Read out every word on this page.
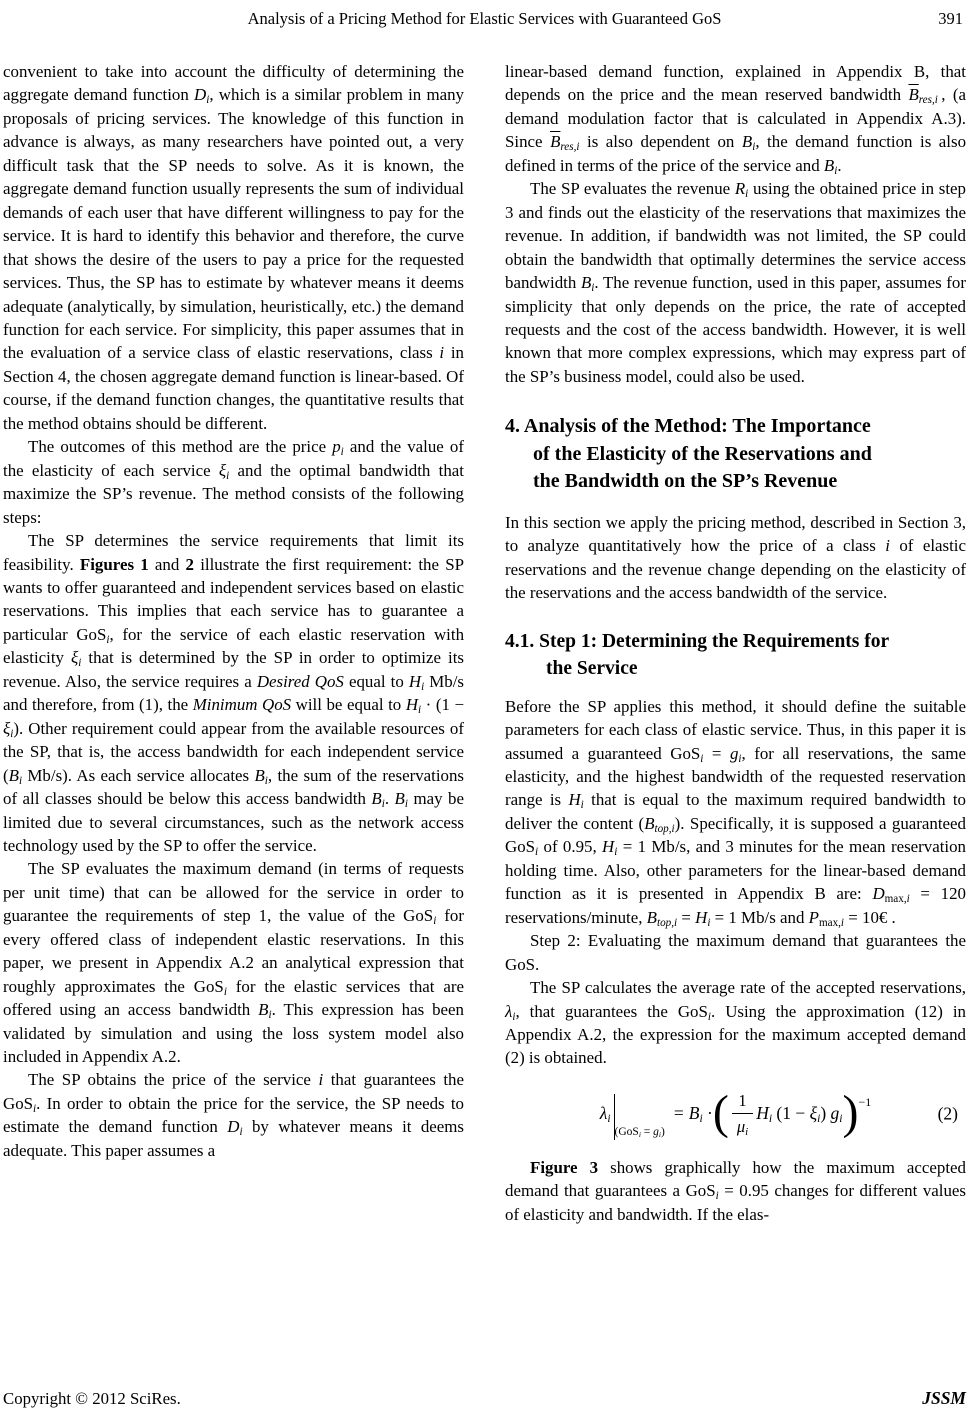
Analysis of a Pricing Method for Elastic Services with Guaranteed GoS	391

convenient to take into account the difficulty of determining the aggregate demand function $D_i$, which is a similar problem in many proposals of pricing services. The knowledge of this function in advance is always, as many researchers have pointed out, a very difficult task that the SP needs to solve. As it is known, the aggregate demand function usually represents the sum of individual demands of each user that have different willingness to pay for the service. It is hard to identify this behavior and therefore, the curve that shows the desire of the users to pay a price for the requested services. Thus, the SP has to estimate by whatever means it deems adequate (analytically, by simulation, heuristically, etc.) the demand function for each service. For simplicity, this paper assumes that in the evaluation of a service class of elastic reservations, class i in Section 4, the chosen aggregate demand function is linear-based. Of course, if the demand function changes, the quantitative results that the method obtains should be different.

The outcomes of this method are the price $p_i$ and the value of the elasticity of each service $\xi_i$ and the optimal bandwidth that maximize the SP’s revenue. The method consists of the following steps:

The SP determines the service requirements that limit its feasibility. Figures 1 and 2 illustrate the first requirement: the SP wants to offer guaranteed and independent services based on elastic reservations. This implies that each service has to guarantee a particular GoS$_i$, for the service of each elastic reservation with elasticity $\xi_i$ that is determined by the SP in order to optimize its revenue. Also, the service requires a Desired QoS equal to $H_i$ Mb/s and therefore, from (1), the Minimum QoS will be equal to $H_i \cdot (1 - \xi_i)$. Other requirement could appear from the available resources of the SP, that is, the access bandwidth for each independent service ($B_i$ Mb/s). As each service allocates $B_i$, the sum of the reservations of all classes should be below this access bandwidth $B_i$. $B_i$ may be limited due to several circumstances, such as the network access technology used by the SP to offer the service.

The SP evaluates the maximum demand (in terms of requests per unit time) that can be allowed for the service in order to guarantee the requirements of step 1, the value of the GoS$_i$ for every offered class of independent elastic reservations. In this paper, we present in Appendix A.2 an analytical expression that roughly approximates the GoS$_i$ for the elastic services that are offered using an access bandwidth $B_i$. This expression has been validated by simulation and using the loss system model also included in Appendix A.2.

The SP obtains the price of the service i that guarantees the GoS$_i$. In order to obtain the price for the service, the SP needs to estimate the demand function $D_i$ by whatever means it deems adequate. This paper assumes a

linear-based demand function, explained in Appendix B, that depends on the price and the mean reserved bandwidth $\overline{B}_{res,i}$ , (a demand modulation factor that is calculated in Appendix A.3). Since $\overline{B}_{res,i}$ is also dependent on $B_i$, the demand function is also defined in terms of the price of the service and $B_i$.

The SP evaluates the revenue $R_i$ using the obtained price in step 3 and finds out the elasticity of the reservations that maximizes the revenue. In addition, if bandwidth was not limited, the SP could obtain the bandwidth that optimally determines the service access bandwidth $B_i$. The revenue function, used in this paper, assumes for simplicity that only depends on the price, the rate of accepted requests and the cost of the access bandwidth. However, it is well known that more complex expressions, which may express part of the SP’s business model, could also be used.

4. Analysis of the Method: The Importance
of the Elasticity of the Reservations and
the Bandwidth on the SP’s Revenue

In this section we apply the pricing method, described in Section 3, to analyze quantitatively how the price of a class i of elastic reservations and the revenue change depending on the elasticity of the reservations and the access bandwidth of the service.

4.1. Step 1: Determining the Requirements for
the Service

Before the SP applies this method, it should define the suitable parameters for each class of elastic service. Thus, in this paper it is assumed a guaranteed $GoS_i = g_i$, for all reservations, the same elasticity, and the highest bandwidth of the requested reservation range is $H_i$ that is equal to the maximum required bandwidth to deliver the content $(B_{top,i})$. Specifically, it is supposed a guaranteed GoS$_i$ of 0.95, $H_i = 1$ Mb/s, and 3 minutes for the mean reservation holding time. Also, other parameters for the linear-based demand function as it is presented in Appendix B are: $D_{max,i} = 120$ reservations/minute, $B_{top,i} = H_i = 1$ Mb/s and $P_{max,i}$ = 10€ .

Step 2: Evaluating the maximum demand that guarantees the GoS.

The SP calculates the average rate of the accepted reservations, $\lambda_i$, that guarantees the GoS$_i$. Using the approximation (12) in Appendix A.2, the expression for the maximum accepted demand (2) is obtained.

$\lambda_i$
$(GoS_i = g_i)$
= $B_i$ · ( $\frac{1}{\mu_i} H_i$ $(1 - \xi_i)$ $g_i$ ) −1
(2)

Figure 3 shows graphically how the maximum accepted demand that guarantees a GoS$_i$ = 0.95 changes for different values of elasticity and bandwidth. If the elas-

Copyright © 2012 SciRes.	JSSM
